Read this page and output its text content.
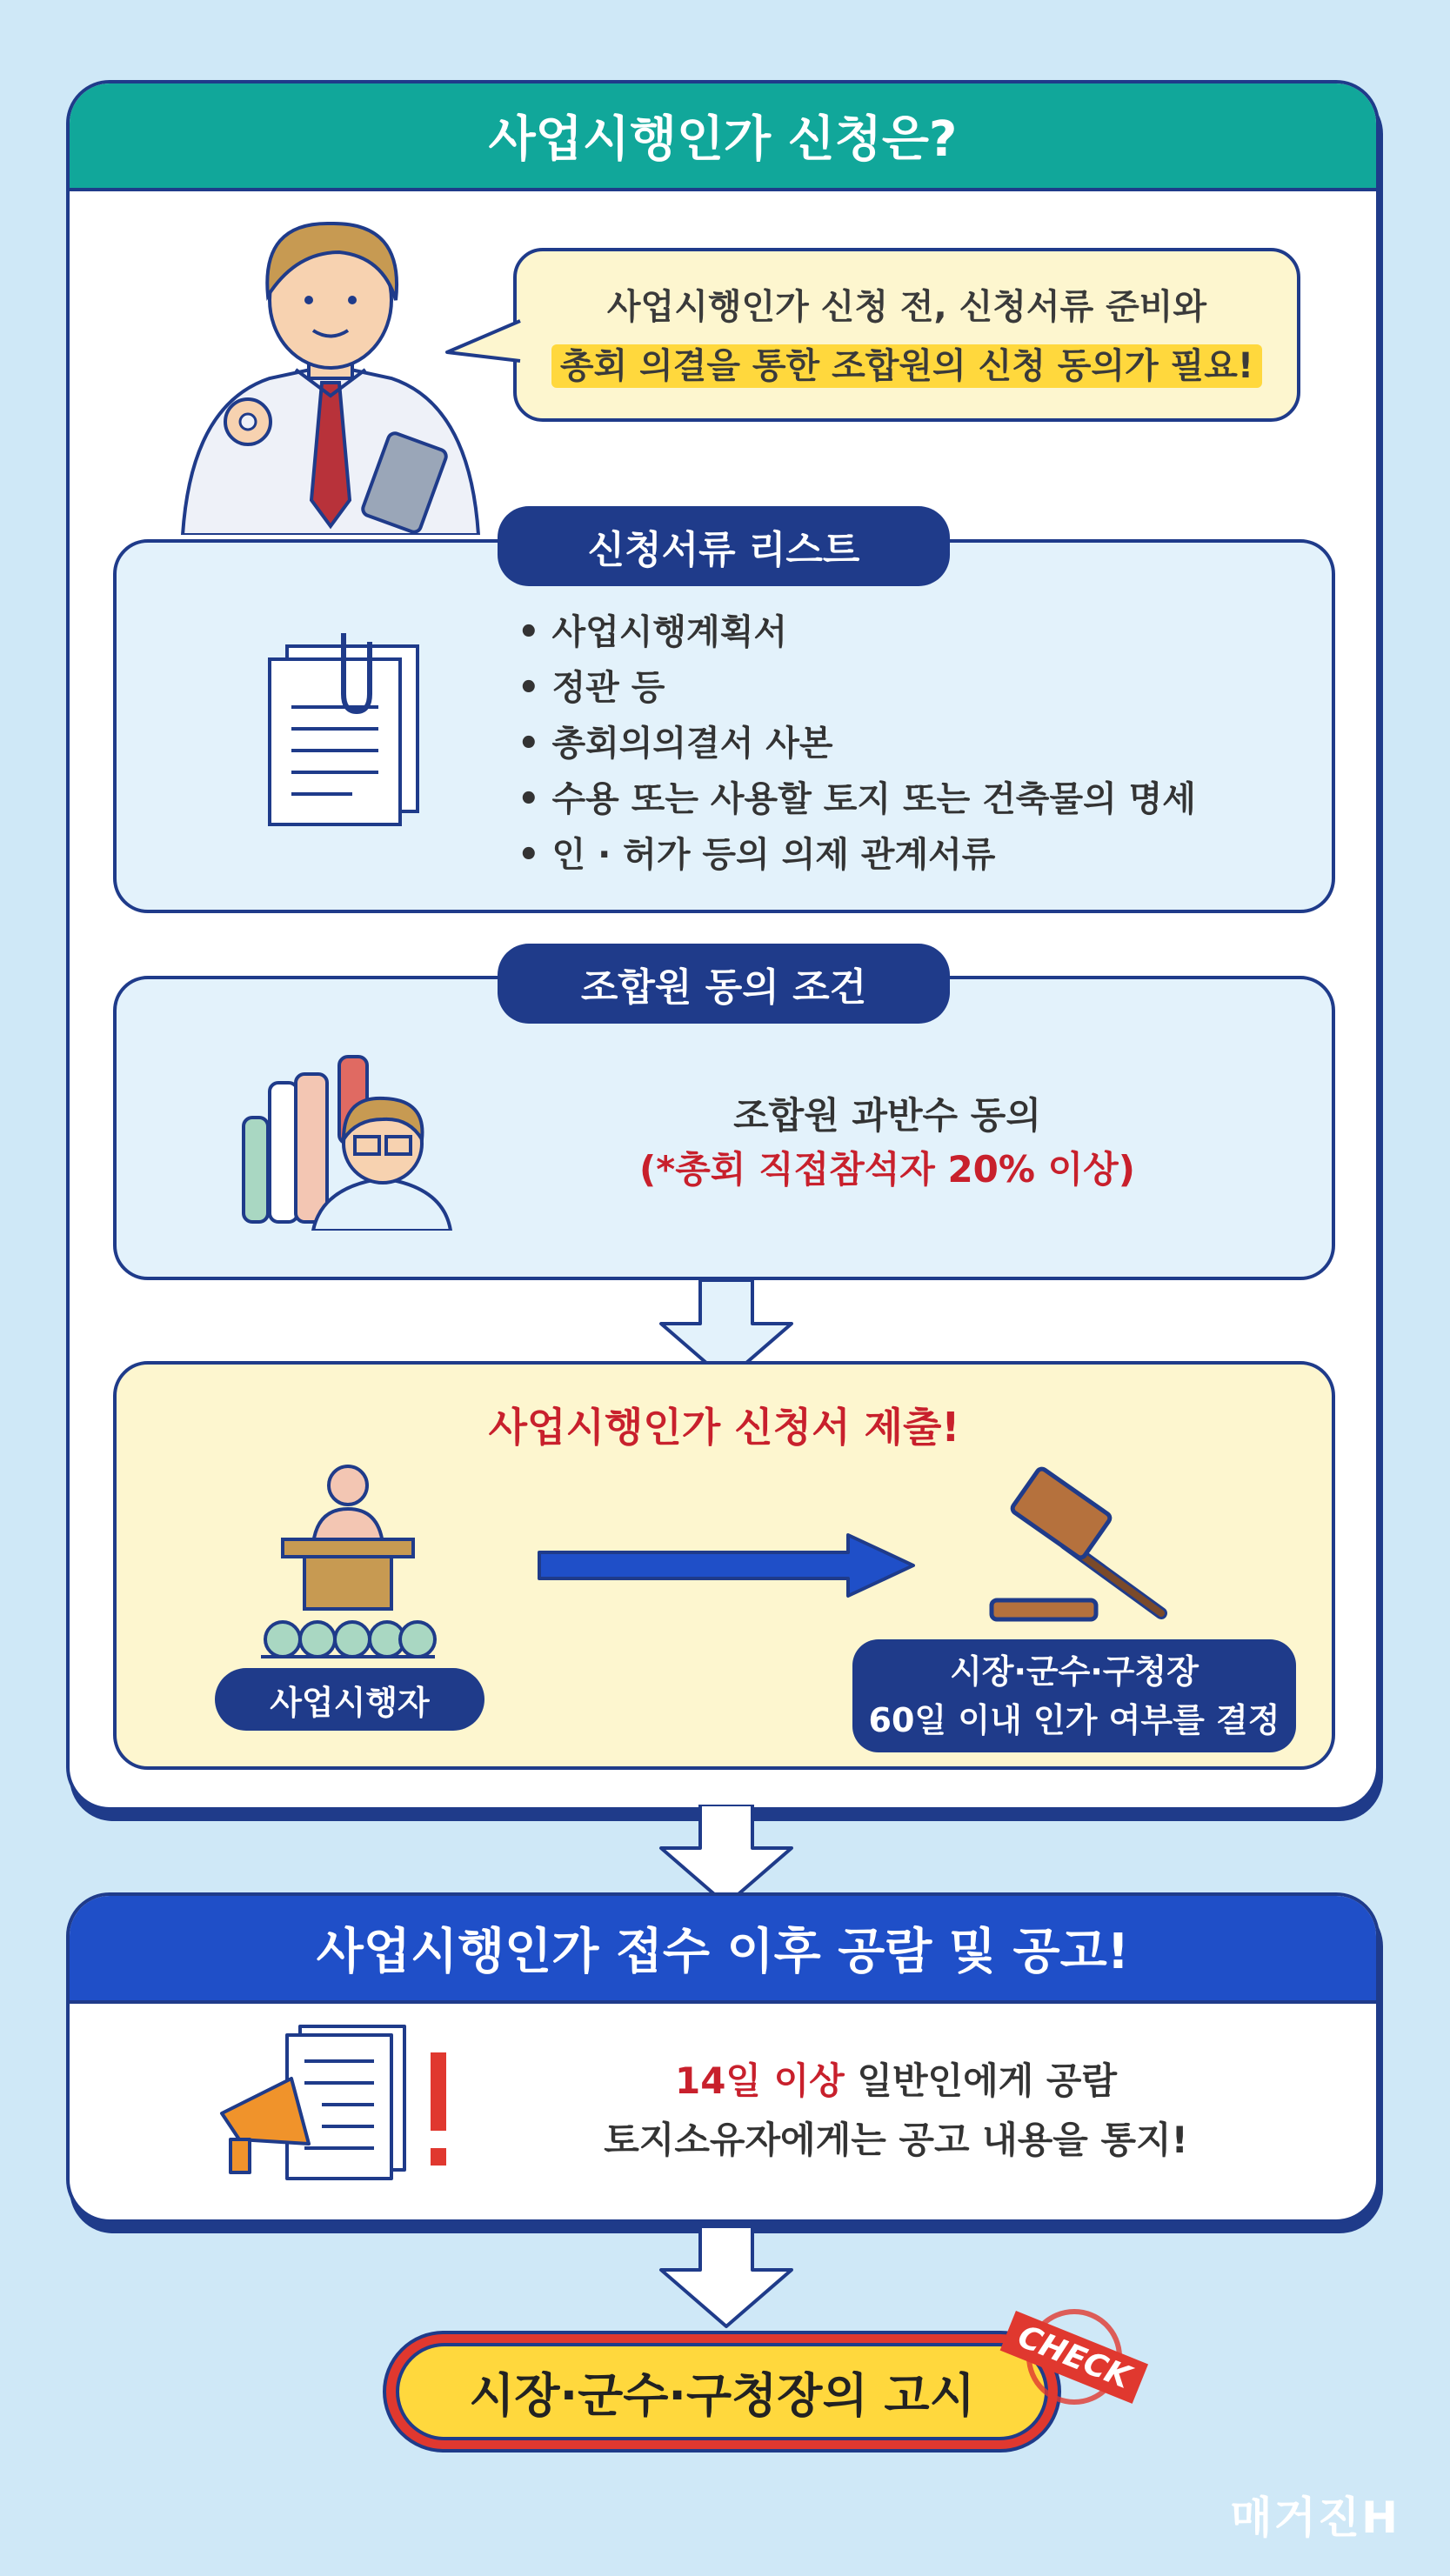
사업시행인가 신청은?
사업시행인가 신청 전, 신청서류 준비와
총회 의결을 통한 조합원의 신청 동의가 필요!
신청서류 리스트
• 사업시행계획서
• 정관 등
• 총회의의결서 사본
• 수용 또는 사용할 토지 또는 건축물의 명세
• 인 · 허가 등의 의제 관계서류
조합원 동의 조건
조합원 과반수 동의
(*총회 직접참석자 20% 이상)
사업시행인가 신청서 제출!
사업시행자
시장·군수·구청장
60일 이내 인가 여부를 결정
사업시행인가 접수 이후 공람 및 공고!
14일 이상 일반인에게 공람
토지소유자에게는 공고 내용을 통지!
시장·군수·구청장의 고시	CHECK
매거진H
